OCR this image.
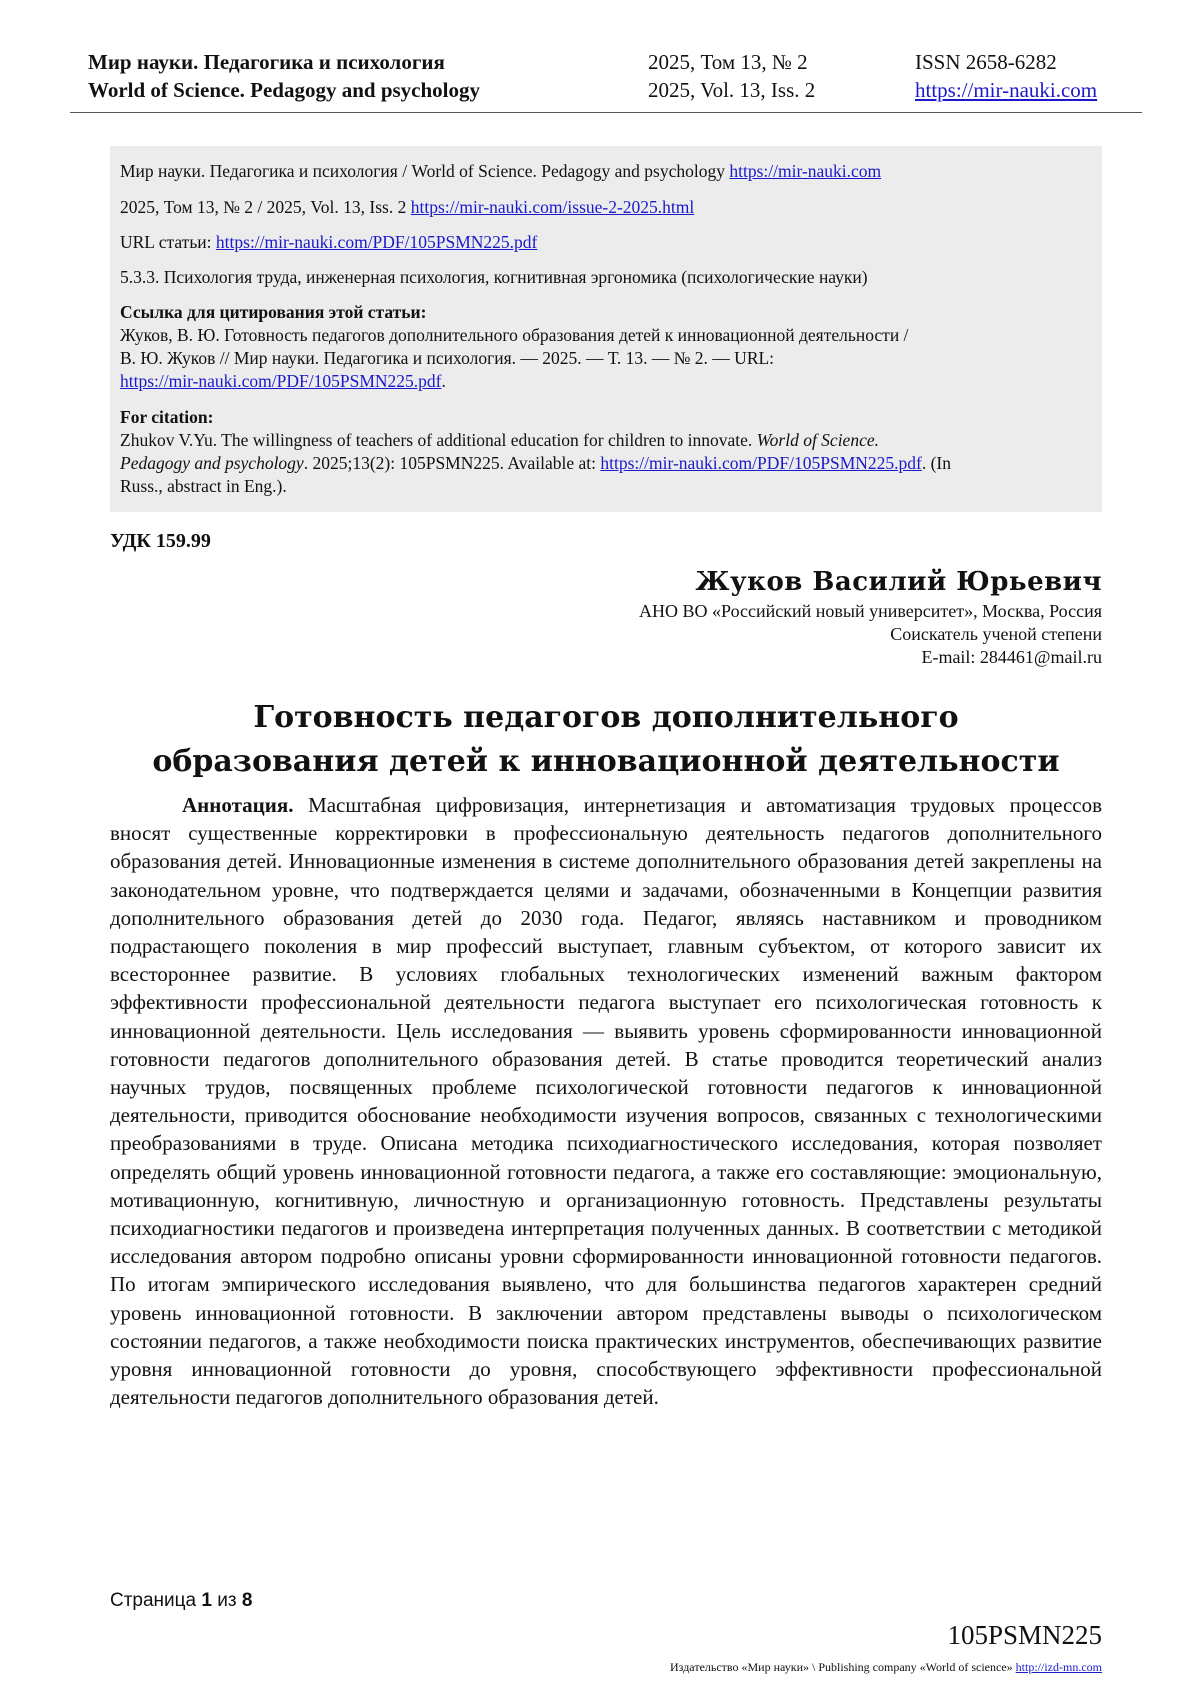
Мир науки. Педагогика и психология
World of Science. Pedagogy and psychology
2025, Том 13, № 2
2025, Vol. 13, Iss. 2
ISSN 2658-6282
https://mir-nauki.com
Мир науки. Педагогика и психология / World of Science. Pedagogy and psychology https://mir-nauki.com
2025, Том 13, № 2 / 2025, Vol. 13, Iss. 2 https://mir-nauki.com/issue-2-2025.html
URL статьи: https://mir-nauki.com/PDF/105PSMN225.pdf
5.3.3. Психология труда, инженерная психология, когнитивная эргономика (психологические науки)
Ссылка для цитирования этой статьи:
Жуков, В. Ю. Готовность педагогов дополнительного образования детей к инновационной деятельности /
В. Ю. Жуков // Мир науки. Педагогика и психология. — 2025. — Т. 13. — № 2. — URL:
https://mir-nauki.com/PDF/105PSMN225.pdf.
For citation:
Zhukov V.Yu. The willingness of teachers of additional education for children to innovate. World of Science.
Pedagogy and psychology. 2025;13(2): 105PSMN225. Available at: https://mir-nauki.com/PDF/105PSMN225.pdf. (In
Russ., abstract in Eng.).
УДК 159.99
Жуков Василий Юрьевич
АНО ВО «Российский новый университет», Москва, Россия
Соискатель ученой степени
E-mail: 284461@mail.ru
Готовность педагогов дополнительного
образования детей к инновационной деятельности
Аннотация. Масштабная цифровизация, интернетизация и автоматизация трудовых процессов вносят существенные корректировки в профессиональную деятельность педагогов дополнительного образования детей. Инновационные изменения в системе дополнительного образования детей закреплены на законодательном уровне, что подтверждается целями и задачами, обозначенными в Концепции развития дополнительного образования детей до 2030 года. Педагог, являясь наставником и проводником подрастающего поколения в мир профессий выступает, главным субъектом, от которого зависит их всестороннее развитие. В условиях глобальных технологических изменений важным фактором эффективности профессиональной деятельности педагога выступает его психологическая готовность к инновационной деятельности. Цель исследования — выявить уровень сформированности инновационной готовности педагогов дополнительного образования детей. В статье проводится теоретический анализ научных трудов, посвященных проблеме психологической готовности педагогов к инновационной деятельности, приводится обоснование необходимости изучения вопросов, связанных с технологическими преобразованиями в труде. Описана методика психодиагностического исследования, которая позволяет определять общий уровень инновационной готовности педагога, а также его составляющие: эмоциональную, мотивационную, когнитивную, личностную и организационную готовность. Представлены результаты психодиагностики педагогов и произведена интерпретация полученных данных. В соответствии с методикой исследования автором подробно описаны уровни сформированности инновационной готовности педагогов. По итогам эмпирического исследования выявлено, что для большинства педагогов характерен средний уровень инновационной готовности. В заключении автором представлены выводы о психологическом состоянии педагогов, а также необходимости поиска практических инструментов, обеспечивающих развитие уровня инновационной готовности до уровня, способствующего эффективности профессиональной деятельности педагогов дополнительного образования детей.
Страница 1 из 8
105PSMN225
Издательство «Мир науки» \ Publishing company «World of science» http://izd-mn.com
